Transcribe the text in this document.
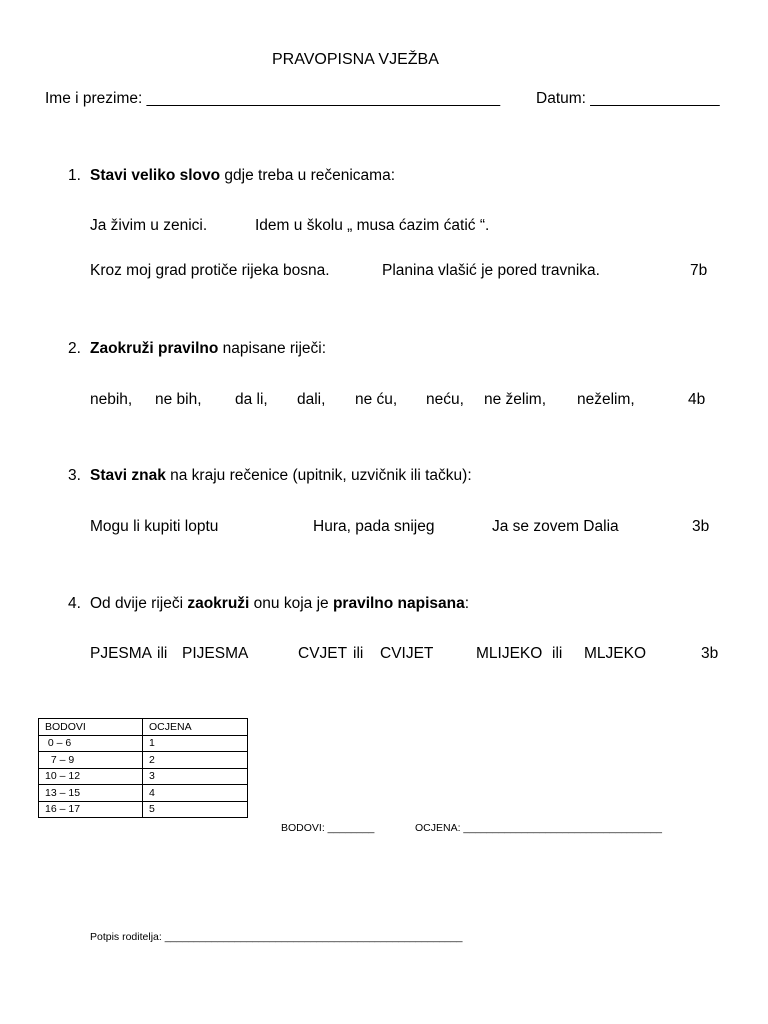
PRAVOPISNA VJEŽBA
Ime i prezime: _________________________________________ Datum: _______________
1. Stavi veliko slovo gdje treba u rečenicama:
Ja živim u zenici.	Idem u školu „ musa ćazim ćatić “.
Kroz moj grad protiče rijeka bosna.	Planina vlašić je pored travnika.	7b
2. Zaokruži pravilno napisane riječi:
nebih, ne bih, da li, dali, ne ću, neću, ne želim, neželim,	4b
3. Stavi znak na kraju rečenice (upitnik, uzvičnik ili tačku):
Mogu li kupiti loptu	Hura, pada snijeg	Ja se zovem Dalia	3b
4. Od dvije riječi zaokruži onu koja je pravilno napisana:
PJESMA ili PIJESMA	CVJET ili CVIJET	MLIJEKO ili MLJEKO	3b
BODOVI	OCJENA
0 – 6	1
7 – 9	2
10 – 12	3
13 – 15	4
16 – 17	5
BODOVI: ________	OCJENA: __________________________________
Potpis roditelja: ___________________________________________________
